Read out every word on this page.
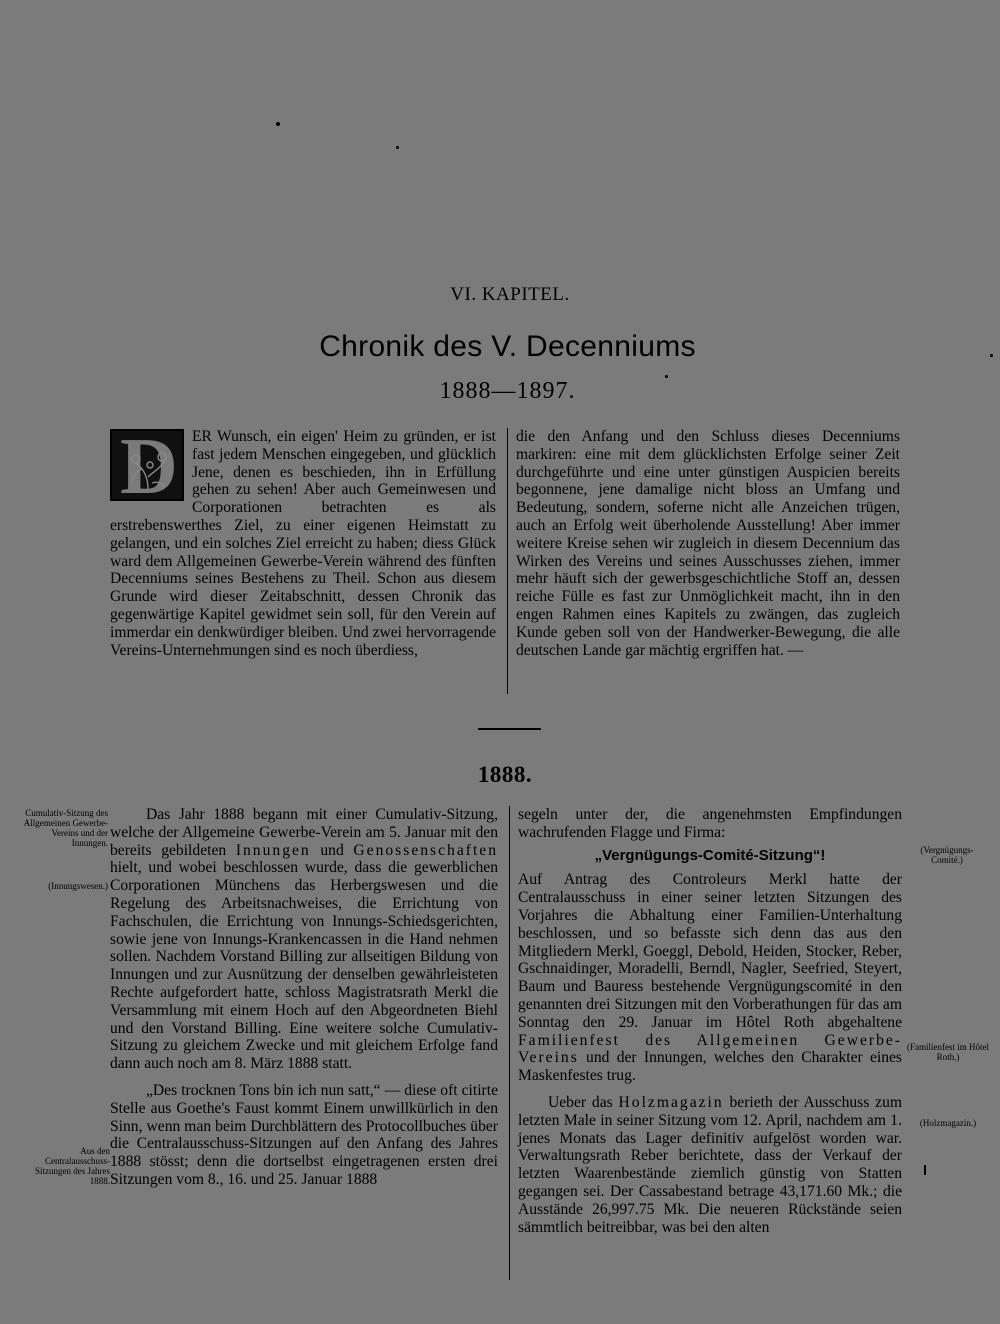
VI. KAPITEL.
Chronik des V. Decenniums
1888—1897.

D ER Wunsch, ein eigen' Heim zu gründen, er ist fast jedem Menschen eingegeben, und glücklich Jene, denen es beschieden, ihn in Erfüllung gehen zu sehen! Aber auch Gemeinwesen und Corporationen betrachten es als erstrebenswerthes Ziel, zu einer eigenen Heimstatt zu gelangen, und ein solches Ziel erreicht zu haben; diess Glück ward dem Allgemeinen Gewerbe-Verein während des fünften Decenniums seines Bestehens zu Theil. Schon aus diesem Grunde wird dieser Zeitabschnitt, dessen Chronik das gegenwärtige Kapitel gewidmet sein soll, für den Verein auf immerdar ein denkwürdiger bleiben. Und zwei hervorragende Vereins-Unternehmungen sind es noch überdiess,

die den Anfang und den Schluss dieses Decenniums markiren: eine mit dem glücklichsten Erfolge seiner Zeit durchgeführte und eine unter günstigen Auspicien bereits begonnene, jene damalige nicht bloss an Umfang und Bedeutung, sondern, soferne nicht alle Anzeichen trügen, auch an Erfolg weit überholende Ausstellung! Aber immer weitere Kreise sehen wir zugleich in diesem Decennium das Wirken des Vereins und seines Ausschusses ziehen, immer mehr häuft sich der gewerbsgeschichtliche Stoff an, dessen reiche Fülle es fast zur Unmöglichkeit macht, ihn in den engen Rahmen eines Kapitels zu zwängen, das zugleich Kunde geben soll von der Handwerker-Bewegung, die alle deutschen Lande gar mächtig ergriffen hat. —

1888.
Cumulativ-Sitzung des Allgemeinen Gewerbe-Vereins und der Innungen.
(Innungswesen.)
Aus den Centralausschuss-Sitzungen des Jahres 1888.
(Vergnügungs-Comité.)
(Familienfest im Hôtel Roth.)
(Holzmagazin.)

Das Jahr 1888 begann mit einer Cumulativ-Sitzung, welche der Allgemeine Gewerbe-Verein am 5. Januar mit den bereits gebildeten Innungen und Genossenschaften hielt, und wobei beschlossen wurde, dass die gewerblichen Corporationen Münchens das Herbergswesen und die Regelung des Arbeitsnachweises, die Errichtung von Fachschulen, die Errichtung von Innungs-Schiedsgerichten, sowie jene von Innungs-Krankencassen in die Hand nehmen sollen. Nachdem Vorstand Billing zur allseitigen Bildung von Innungen und zur Ausnützung der denselben gewährleisteten Rechte aufgefordert hatte, schloss Magistratsrath Merkl die Versammlung mit einem Hoch auf den Abgeordneten Biehl und den Vorstand Billing. Eine weitere solche Cumulativ-Sitzung zu gleichem Zwecke und mit gleichem Erfolge fand dann auch noch am 8. März 1888 statt.

„Des trocknen Tons bin ich nun satt,“ — diese oft citirte Stelle aus Goethe's Faust kommt Einem unwillkürlich in den Sinn, wenn man beim Durchblättern des Protocollbuches über die Centralausschuss-Sitzungen auf den Anfang des Jahres 1888 stösst; denn die dortselbst eingetragenen ersten drei Sitzungen vom 8., 16. und 25. Januar 1888

segeln unter der, die angenehmsten Empfindungen wachrufenden Flagge und Firma:

„Vergnügungs-Comité-Sitzung“!

Auf Antrag des Controleurs Merkl hatte der Centralausschuss in einer seiner letzten Sitzungen des Vorjahres die Abhaltung einer Familien-Unterhaltung beschlossen, und so befasste sich denn das aus den Mitgliedern Merkl, Goeggl, Debold, Heiden, Stocker, Reber, Gschnaidinger, Moradelli, Berndl, Nagler, Seefried, Steyert, Baum und Bauress bestehende Vergnügungscomité in den genannten drei Sitzungen mit den Vorberathungen für das am Sonntag den 29. Januar im Hôtel Roth abgehaltene Familienfest des Allgemeinen Gewerbe-Vereins und der Innungen, welches den Charakter eines Maskenfestes trug.

Ueber das Holzmagazin berieth der Ausschuss zum letzten Male in seiner Sitzung vom 12. April, nachdem am 1. jenes Monats das Lager definitiv aufgelöst worden war. Verwaltungsrath Reber berichtete, dass der Verkauf der letzten Waarenbestände ziemlich günstig von Statten gegangen sei. Der Cassabestand betrage 43,171.60 Mk.; die Ausstände 26,997.75 Mk. Die neueren Rückstände seien sämmtlich beitreibbar, was bei den alten
